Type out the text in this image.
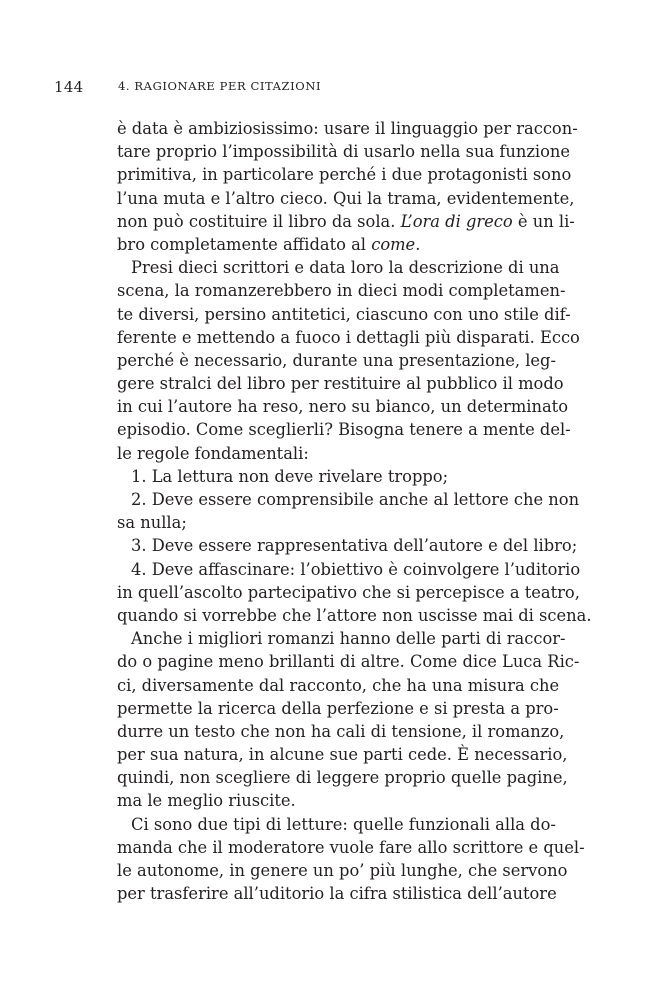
144	4. RAGIONARE PER CITAZIONI
è data è ambiziosissimo: usare il linguaggio per raccon-
tare proprio l’impossibilità di usarlo nella sua funzione
primitiva, in particolare perché i due protagonisti sono
l’una muta e l’altro cieco. Qui la trama, evidentemente,
non può costituire il libro da sola. L’ora di greco è un li-
bro completamente affidato al come.
Presi dieci scrittori e data loro la descrizione di una
scena, la romanzerebbero in dieci modi completamen-
te diversi, persino antitetici, ciascuno con uno stile dif-
ferente e mettendo a fuoco i dettagli più disparati. Ecco
perché è necessario, durante una presentazione, leg-
gere stralci del libro per restituire al pubblico il modo
in cui l’autore ha reso, nero su bianco, un determinato
episodio. Come sceglierli? Bisogna tenere a mente del-
le regole fondamentali:
1. La lettura non deve rivelare troppo;
2. Deve essere comprensibile anche al lettore che non
sa nulla;
3. Deve essere rappresentativa dell’autore e del libro;
4. Deve affascinare: l’obiettivo è coinvolgere l’uditorio
in quell’ascolto partecipativo che si percepisce a teatro,
quando si vorrebbe che l’attore non uscisse mai di scena.
Anche i migliori romanzi hanno delle parti di raccor-
do o pagine meno brillanti di altre. Come dice Luca Ric-
ci, diversamente dal racconto, che ha una misura che
permette la ricerca della perfezione e si presta a pro-
durre un testo che non ha cali di tensione, il romanzo,
per sua natura, in alcune sue parti cede. È necessario,
quindi, non scegliere di leggere proprio quelle pagine,
ma le meglio riuscite.
Ci sono due tipi di letture: quelle funzionali alla do-
manda che il moderatore vuole fare allo scrittore e quel-
le autonome, in genere un po’ più lunghe, che servono
per trasferire all’uditorio la cifra stilistica dell’autore
